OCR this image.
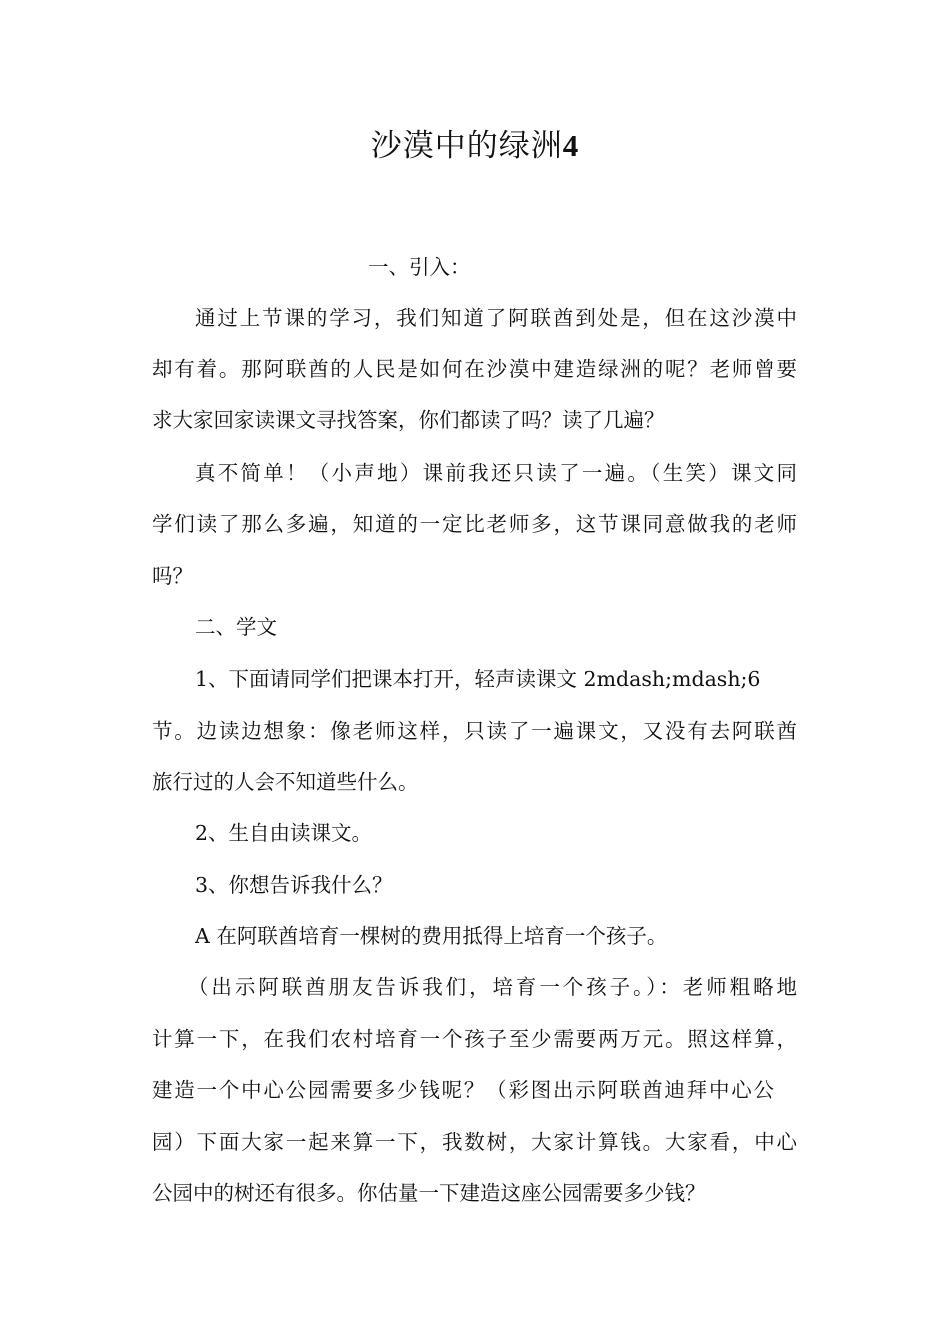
沙漠中的绿洲4
一、引入：
通过上节课的学习，我们知道了阿联酋到处是，但在这沙漠中
却有着。那阿联酋的人民是如何在沙漠中建造绿洲的呢？老师曾要
求大家回家读课文寻找答案，你们都读了吗？读了几遍？
真不简单！（小声地）课前我还只读了一遍。（生笑）课文同
学们读了那么多遍，知道的一定比老师多，这节课同意做我的老师
吗？
二、学文
1、下面请同学们把课本打开，轻声读课文 2mdash;mdash;6
节。边读边想象：像老师这样，只读了一遍课文，又没有去阿联酋
旅行过的人会不知道些什么。
2、生自由读课文。
3、你想告诉我什么？
A 在阿联酋培育一棵树的费用抵得上培育一个孩子。
（出示阿联酋朋友告诉我们，培育一个孩子。）：老师粗略地
计算一下，在我们农村培育一个孩子至少需要两万元。照这样算，
建造一个中心公园需要多少钱呢？（彩图出示阿联酋迪拜中心公
园）下面大家一起来算一下，我数树，大家计算钱。大家看，中心
公园中的树还有很多。你估量一下建造这座公园需要多少钱？
